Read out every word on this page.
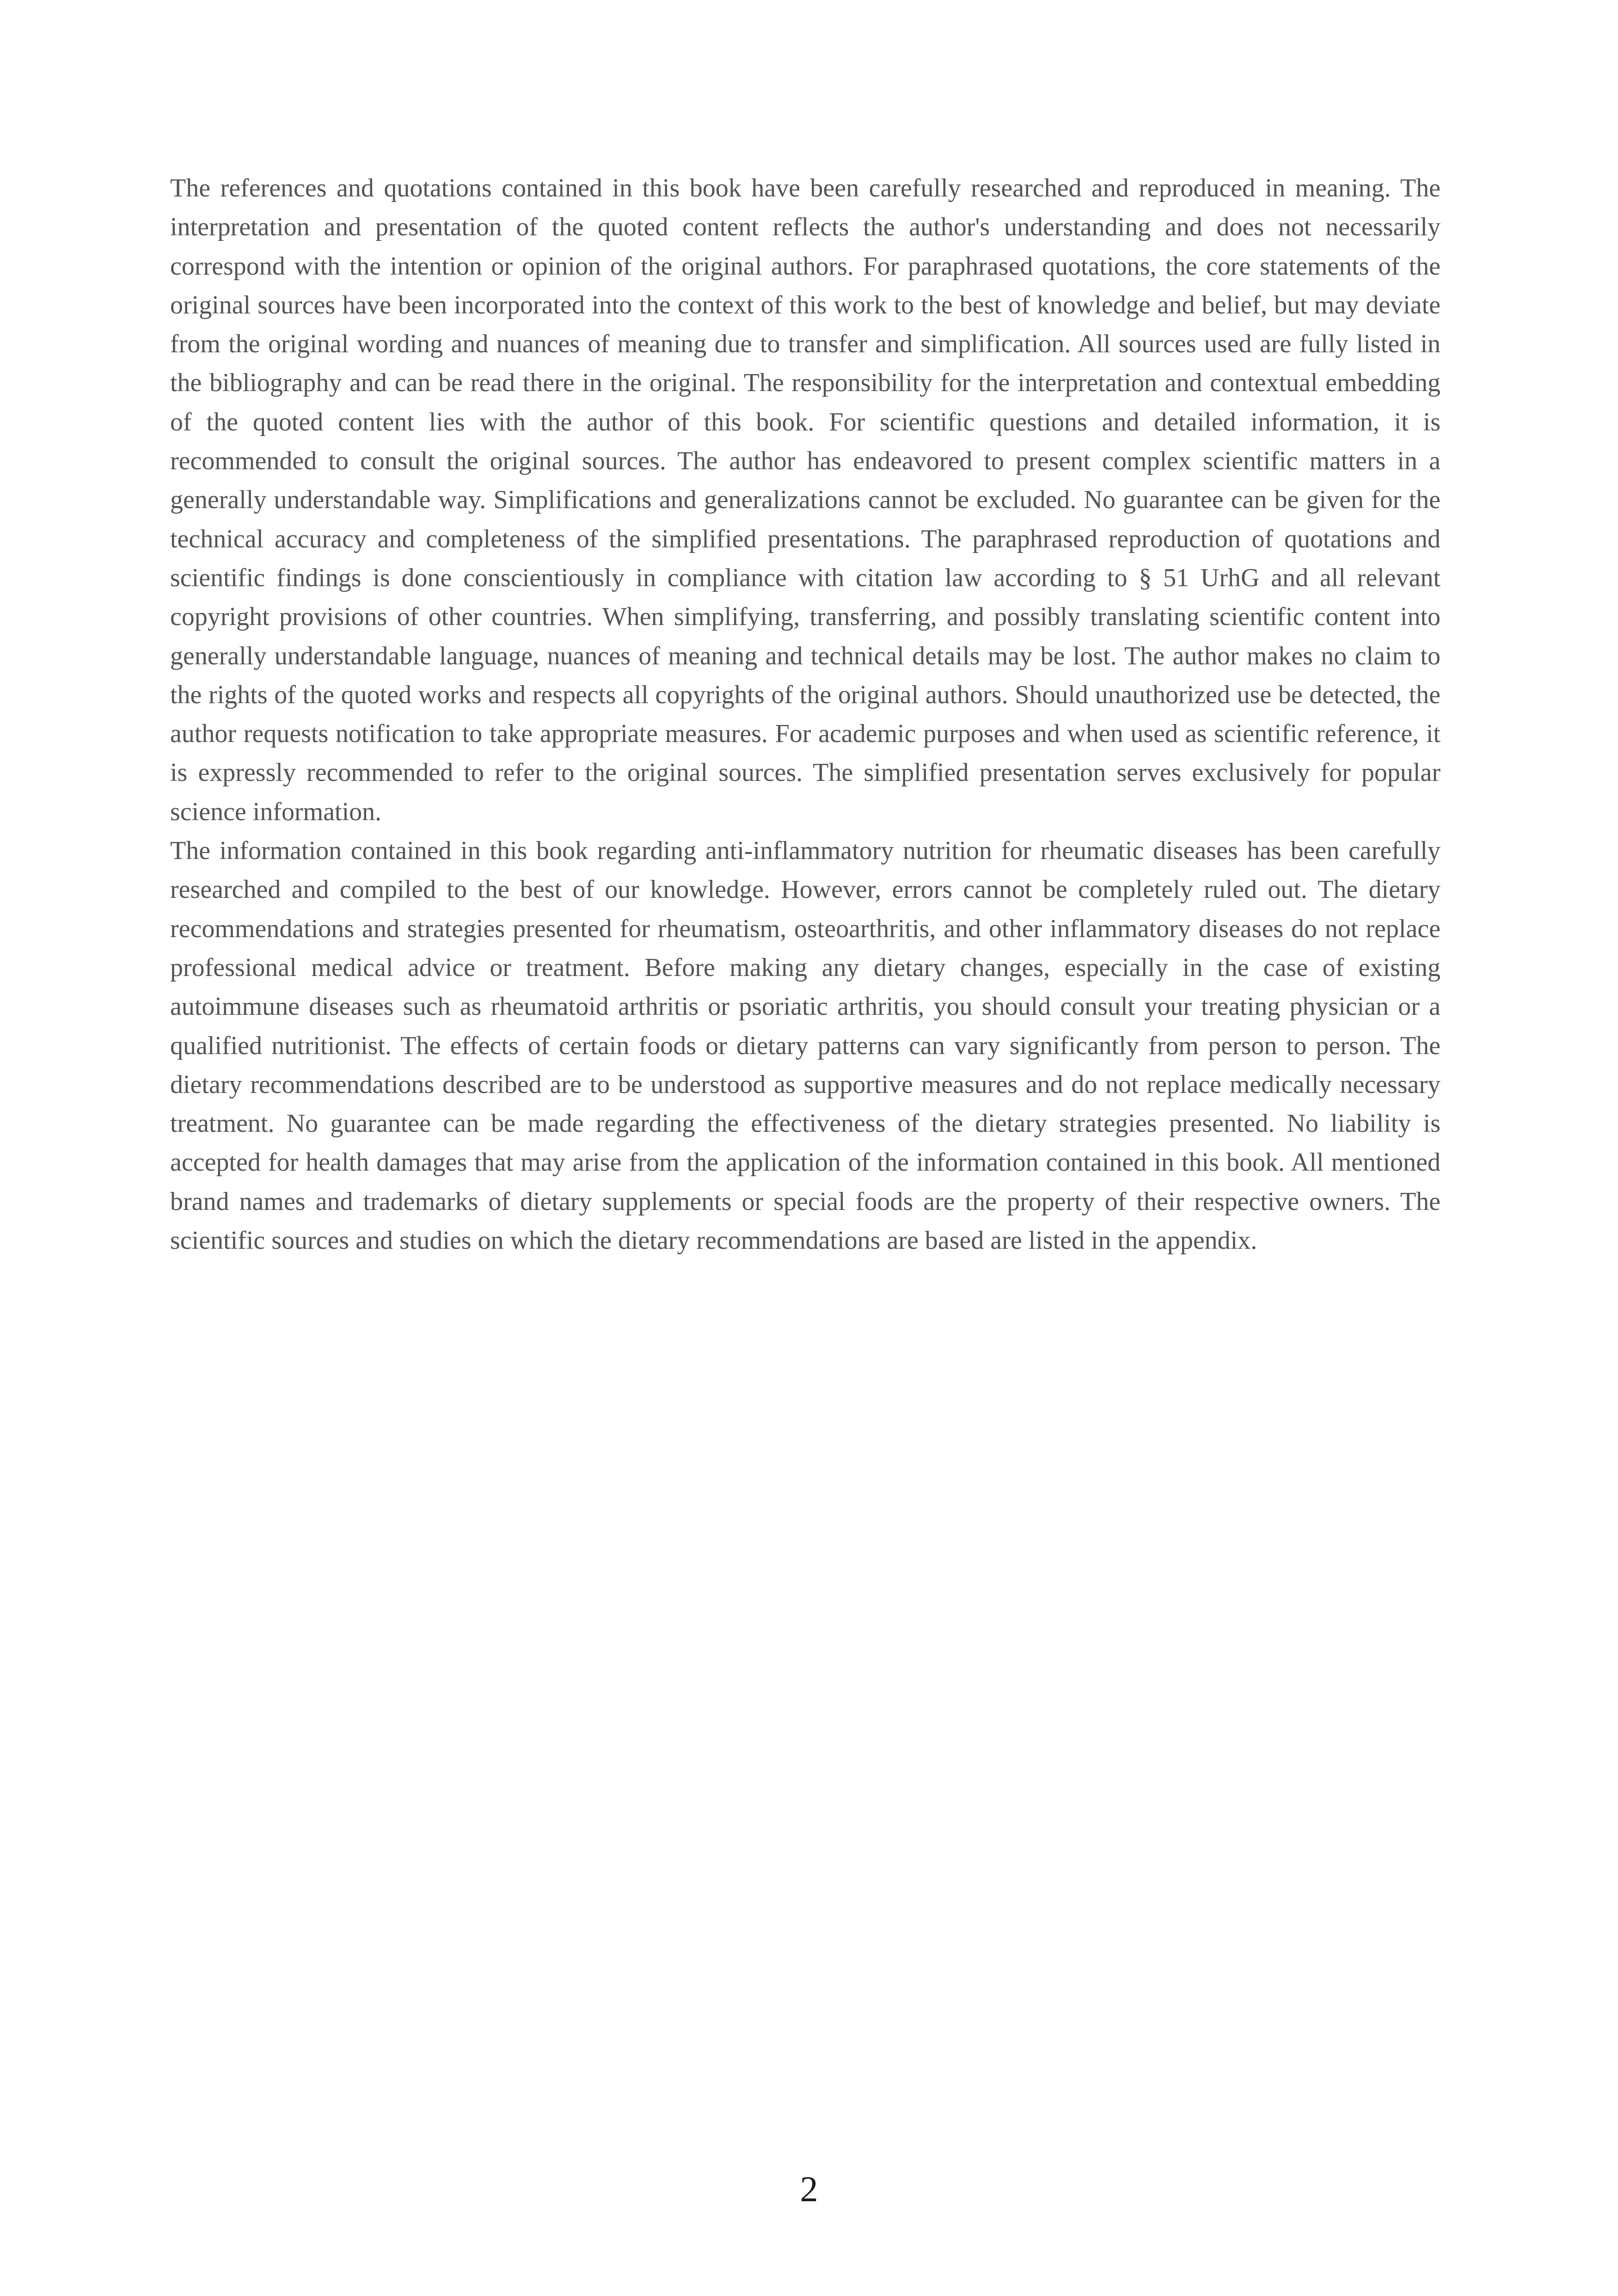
The references and quotations contained in this book have been carefully researched and reproduced in meaning. The interpretation and presentation of the quoted content reflects the author's understanding and does not necessarily correspond with the intention or opinion of the original authors. For paraphrased quotations, the core statements of the original sources have been incorporated into the context of this work to the best of knowledge and belief, but may deviate from the original wording and nuances of meaning due to transfer and simplification. All sources used are fully listed in the bibliography and can be read there in the original. The responsibility for the interpretation and contextual embedding of the quoted content lies with the author of this book. For scientific questions and detailed information, it is recommended to consult the original sources. The author has endeavored to present complex scientific matters in a generally understandable way. Simplifications and generalizations cannot be excluded. No guarantee can be given for the technical accuracy and completeness of the simplified presentations. The paraphrased reproduction of quotations and scientific findings is done conscientiously in compliance with citation law according to § 51 UrhG and all relevant copyright provisions of other countries. When simplifying, transferring, and possibly translating scientific content into generally understandable language, nuances of meaning and technical details may be lost. The author makes no claim to the rights of the quoted works and respects all copyrights of the original authors. Should unauthorized use be detected, the author requests notification to take appropriate measures. For academic purposes and when used as scientific reference, it is expressly recommended to refer to the original sources. The simplified presentation serves exclusively for popular science information.

The information contained in this book regarding anti-inflammatory nutrition for rheumatic diseases has been carefully researched and compiled to the best of our knowledge. However, errors cannot be completely ruled out. The dietary recommendations and strategies presented for rheumatism, osteoarthritis, and other inflammatory diseases do not replace professional medical advice or treatment. Before making any dietary changes, especially in the case of existing autoimmune diseases such as rheumatoid arthritis or psoriatic arthritis, you should consult your treating physician or a qualified nutritionist. The effects of certain foods or dietary patterns can vary significantly from person to person. The dietary recommendations described are to be understood as supportive measures and do not replace medically necessary treatment. No guarantee can be made regarding the effectiveness of the dietary strategies presented. No liability is accepted for health damages that may arise from the application of the information contained in this book. All mentioned brand names and trademarks of dietary supplements or special foods are the property of their respective owners. The scientific sources and studies on which the dietary recommendations are based are listed in the appendix.

2
